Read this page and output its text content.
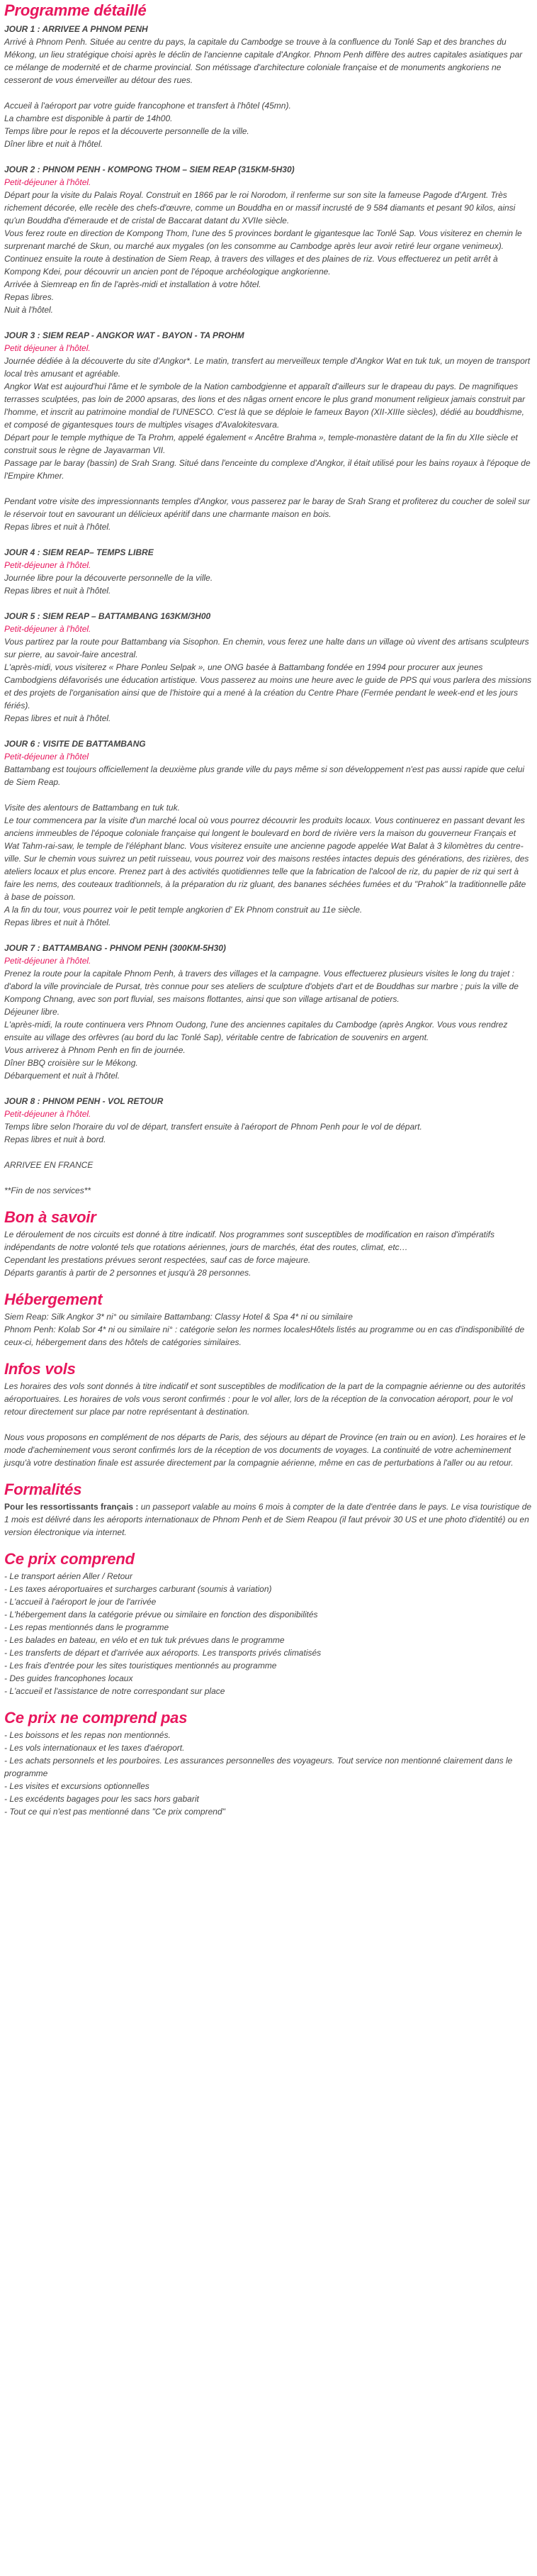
Programme détaillé

JOUR 1 : ARRIVEE A PHNOM PENH

Arrivé à Phnom Penh. Située au centre du pays, la capitale du Cambodge se trouve à la confluence du Tonlé Sap et des branches du Mékong, un lieu stratégique choisi après le déclin de l'ancienne capitale d'Angkor. Phnom Penh diffère des autres capitales asiatiques par ce mélange de modernité et de charme provincial. Son métissage d'architecture coloniale française et de monuments angkoriens ne cesseront de vous émerveiller au détour des rues.

Accueil à l'aéroport par votre guide francophone et transfert à l'hôtel (45mn).

La chambre est disponible à partir de 14h00.

Temps libre pour le repos et la découverte personnelle de la ville.

Dîner libre et nuit à l'hôtel.

JOUR 2 : PHNOM PENH - KOMPONG THOM – SIEM REAP (315KM-5H30)

Petit-déjeuner à l'hôtel.

Départ pour la visite du Palais Royal. Construit en 1866 par le roi Norodom, il renferme sur son site la fameuse Pagode d'Argent. Très richement décorée, elle recèle des chefs-d'œuvre, comme un Bouddha en or massif incrusté de 9 584 diamants et pesant 90 kilos, ainsi qu'un Bouddha d'émeraude et de cristal de Baccarat datant du XVIIe siècle.

Vous ferez route en direction de Kompong Thom, l'une des 5 provinces bordant le gigantesque lac Tonlé Sap. Vous visiterez en chemin le surprenant marché de Skun, ou marché aux mygales (on les consomme au Cambodge après leur avoir retiré leur organe venimeux). Continuez ensuite la route à destination de Siem Reap, à travers des villages et des plaines de riz. Vous effectuerez un petit arrêt à Kompong Kdei, pour découvrir un ancien pont de l'époque archéologique angkorienne.

Arrivée à Siemreap en fin de l'après-midi et installation à votre hôtel.

Repas libres.

Nuit à l'hôtel.

JOUR 3 : SIEM REAP - ANGKOR WAT - BAYON - TA PROHM

Petit déjeuner à l'hôtel.

Journée dédiée à la découverte du site d'Angkor*. Le matin, transfert au merveilleux temple d'Angkor Wat en tuk tuk, un moyen de transport local très amusant et agréable.

Angkor Wat est aujourd'hui l'âme et le symbole de la Nation cambodgienne et apparaît d'ailleurs sur le drapeau du pays. De magnifiques terrasses sculptées, pas loin de 2000 apsaras, des lions et des nâgas ornent encore le plus grand monument religieux jamais construit par l'homme, et inscrit au patrimoine mondial de l'UNESCO. C'est là que se déploie le fameux Bayon (XII-XIIIe siècles), dédié au bouddhisme, et composé de gigantesques tours de multiples visages d'Avalokitesvara.

Départ pour le temple mythique de Ta Prohm, appelé également « Ancêtre Brahma », temple-monastère datant de la fin du XIIe siècle et construit sous le règne de Jayavarman VII.

Passage par le baray (bassin) de Srah Srang. Situé dans l'enceinte du complexe d'Angkor, il était utilisé pour les bains royaux à l'époque de l'Empire Khmer.

Pendant votre visite des impressionnants temples d'Angkor, vous passerez par le baray de Srah Srang et profiterez du coucher de soleil sur le réservoir tout en savourant un délicieux apéritif dans une charmante maison en bois.

Repas libres et nuit à l'hôtel.

JOUR 4 : SIEM REAP– TEMPS LIBRE

Petit-déjeuner à l'hôtel.

Journée libre pour la découverte personnelle de la ville.

Repas libres et nuit à l'hôtel.

JOUR 5 : SIEM REAP – BATTAMBANG 163KM/3H00

Petit-déjeuner à l'hôtel.

Vous partirez par la route pour Battambang via Sisophon. En chemin, vous ferez une halte dans un village où vivent des artisans sculpteurs sur pierre, au savoir-faire ancestral.

L'après-midi, vous visiterez « Phare Ponleu Selpak », une ONG basée à Battambang fondée en 1994 pour procurer aux jeunes Cambodgiens défavorisés une éducation artistique. Vous passerez au moins une heure avec le guide de PPS qui vous parlera des missions et des projets de l'organisation ainsi que de l'histoire qui a mené à la création du Centre Phare (Fermée pendant le week-end et les jours fériés).

Repas libres et nuit à l'hôtel.

JOUR 6 : VISITE DE BATTAMBANG

Petit-déjeuner à l'hôtel

Battambang est toujours officiellement la deuxième plus grande ville du pays même si son développement n'est pas aussi rapide que celui de Siem Reap.

Visite des alentours de Battambang en tuk tuk.

Le tour commencera par la visite d'un marché local où vous pourrez découvrir les produits locaux. Vous continuerez en passant devant les anciens immeubles de l'époque coloniale française qui longent le boulevard en bord de rivière vers la maison du gouverneur Français et Wat Tahm-rai-saw, le temple de l'éléphant blanc. Vous visiterez ensuite une ancienne pagode appelée Wat Balat à 3 kilomètres du centre-ville. Sur le chemin vous suivrez un petit ruisseau, vous pourrez voir des maisons restées intactes depuis des générations, des rizières, des ateliers locaux et plus encore. Prenez part à des activités quotidiennes telle que la fabrication de l'alcool de riz, du papier de riz qui sert à faire les nems, des couteaux traditionnels, à la préparation du riz gluant, des bananes séchées fumées et du "Prahok" la traditionnelle pâte à base de poisson.

A la fin du tour, vous pourrez voir le petit temple angkorien d' Ek Phnom construit au 11e siècle.

Repas libres et nuit à l'hôtel.

JOUR 7 : BATTAMBANG - PHNOM PENH (300KM-5H30)

Petit-déjeuner à l'hôtel.

Prenez la route pour la capitale Phnom Penh, à travers des villages et la campagne. Vous effectuerez plusieurs visites le long du trajet : d'abord la ville provinciale de Pursat, très connue pour ses ateliers de sculpture d'objets d'art et de Bouddhas sur marbre ; puis la ville de Kompong Chnang, avec son port fluvial, ses maisons flottantes, ainsi que son village artisanal de potiers.

Déjeuner libre.

L'après-midi, la route continuera vers Phnom Oudong, l'une des anciennes capitales du Cambodge (après Angkor. Vous vous rendrez ensuite au village des orfèvres (au bord du lac Tonlé Sap), véritable centre de fabrication de souvenirs en argent.

Vous arriverez à Phnom Penh en fin de journée.

Dîner BBQ croisière sur le Mékong.

Débarquement et nuit à l'hôtel.

JOUR 8 : PHNOM PENH - VOL RETOUR

Petit-déjeuner à l'hôtel.

Temps libre selon l'horaire du vol de départ, transfert ensuite à l'aéroport de Phnom Penh pour le vol de départ.

Repas libres et nuit à bord.

ARRIVEE EN FRANCE

**Fin de nos services**

Bon à savoir

Le déroulement de nos circuits est donné à titre indicatif. Nos programmes sont susceptibles de modification en raison d'impératifs indépendants de notre volonté tels que rotations aériennes, jours de marchés, état des routes, climat, etc…

Cependant les prestations prévues seront respectées, sauf cas de force majeure.

Départs garantis à partir de 2 personnes et jusqu'à 28 personnes.

Hébergement

Siem Reap: Silk Angkor 3* ni° ou similaire Battambang: Classy Hotel & Spa 4* ni ou similaire

Phnom Penh: Kolab Sor 4* ni ou similaire ni° : catégorie selon les normes localesHôtels listés au programme ou en cas d'indisponibilité de ceux-ci, hébergement dans des hôtels de catégories similaires.

Infos vols

Les horaires des vols sont donnés à titre indicatif et sont susceptibles de modification de la part de la compagnie aérienne ou des autorités aéroportuaires. Les horaires de vols vous seront confirmés : pour le vol aller, lors de la réception de la convocation aéroport, pour le vol retour directement sur place par notre représentant à destination.

Nous vous proposons en complément de nos départs de Paris, des séjours au départ de Province (en train ou en avion). Les horaires et le mode d'acheminement vous seront confirmés lors de la réception de vos documents de voyages. La continuité de votre acheminement jusqu'à votre destination finale est assurée directement par la compagnie aérienne, même en cas de perturbations à l'aller ou au retour.

Formalités

Pour les ressortissants français : un passeport valable au moins 6 mois à compter de la date d'entrée dans le pays. Le visa touristique de 1 mois est délivré dans les aéroports internationaux de Phnom Penh et de Siem Reapou (il faut prévoir 30 US et une photo d'identité) ou en version électronique via internet.

Ce prix comprend
- Le transport aérien Aller / Retour
- Les taxes aéroportuaires et surcharges carburant (soumis à variation)
- L'accueil à l'aéroport le jour de l'arrivée
- L'hébergement dans la catégorie prévue ou similaire en fonction des disponibilités
- Les repas mentionnés dans le programme
- Les balades en bateau, en vélo et en tuk tuk prévues dans le programme
- Les transferts de départ et d'arrivée aux aéroports. Les transports privés climatisés
- Les frais d'entrée pour les sites touristiques mentionnés au programme
- Des guides francophones locaux
- L'accueil et l'assistance de notre correspondant sur place
Ce prix ne comprend pas
- Les boissons et les repas non mentionnés.
- Les vols internationaux et les taxes d'aéroport.
- Les achats personnels et les pourboires. Les assurances personnelles des voyageurs. Tout service non mentionné clairement dans le programme
- Les visites et excursions optionnelles
- Les excédents bagages pour les sacs hors gabarit
- Tout ce qui n'est pas mentionné dans "Ce prix comprend"
